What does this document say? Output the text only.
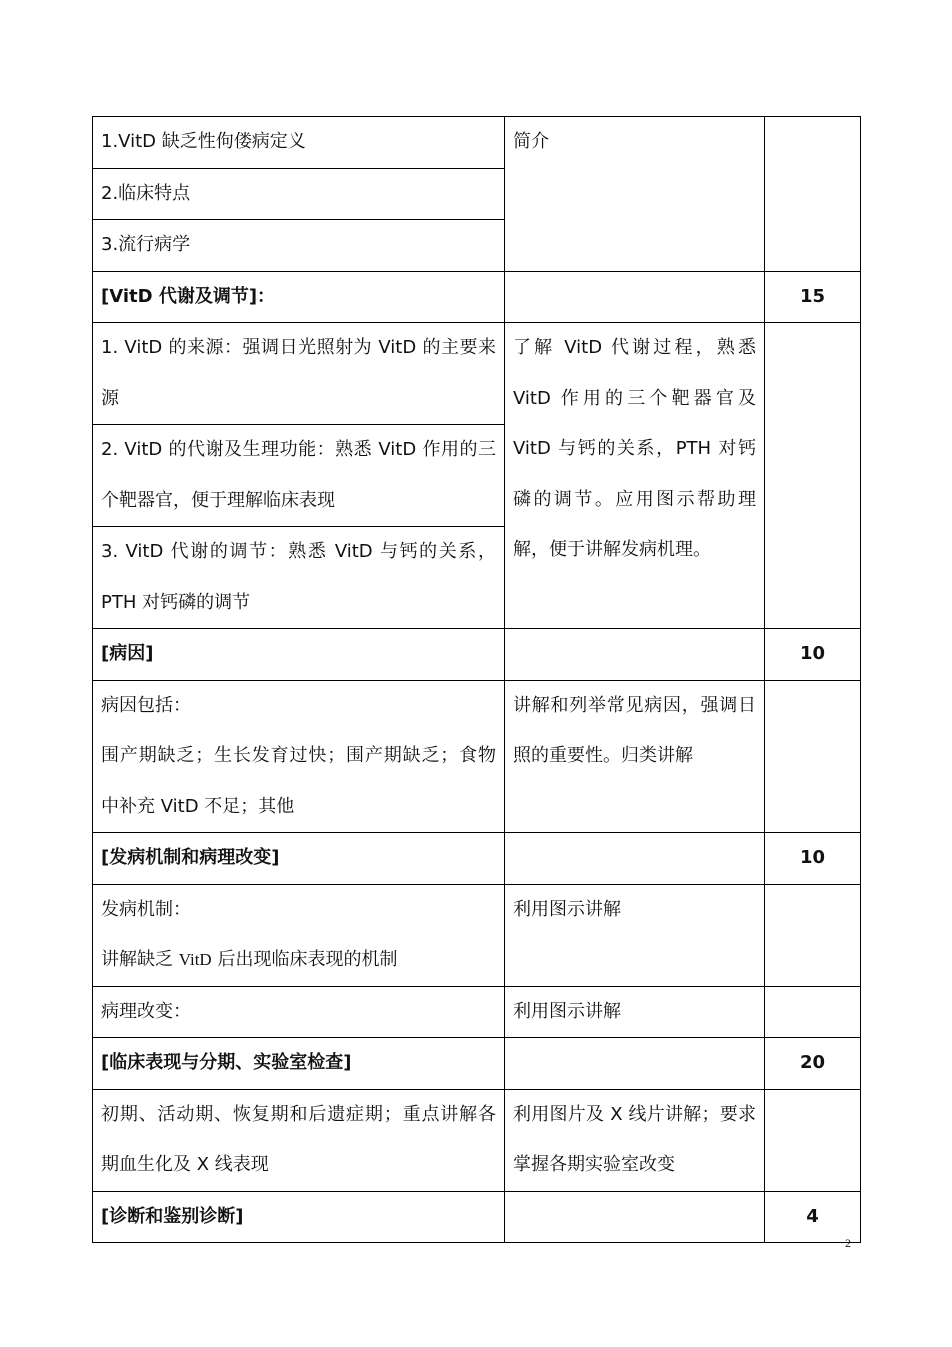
1.VitD 缺乏性佝偻病定义	简介	
2.临床特点		
3.流行病学		
[VitD 代谢及调节]：		15
1. VitD 的来源：强调日光照射为 VitD 的主要来源	了解 VitD 代谢过程，熟悉 VitD 作用的三个靶器官及 VitD 与钙的关系，PTH 对钙磷的调节。应用图示帮助理解，便于讲解发病机理。	
2. VitD 的代谢及生理功能：熟悉 VitD 作用的三个靶器官，便于理解临床表现		
3. VitD 代谢的调节：熟悉 VitD 与钙的关系，PTH 对钙磷的调节		
[病因]		10

病因包括：
围产期缺乏；生长发育过快；围产期缺乏；食物中补充 VitD 不足；其他	讲解和列举常见病因，强调日照的重要性。归类讲解	
[发病机制和病理改变]		10

发病机制：
讲解缺乏 VitD 后出现临床表现的机制	利用图示讲解	
病理改变：	利用图示讲解	
[临床表现与分期、实验室检查]		20
初期、活动期、恢复期和后遗症期；重点讲解各期血生化及 X 线表现	利用图片及 X 线片讲解；要求掌握各期实验室改变	
[诊断和鉴别诊断]		4
2
